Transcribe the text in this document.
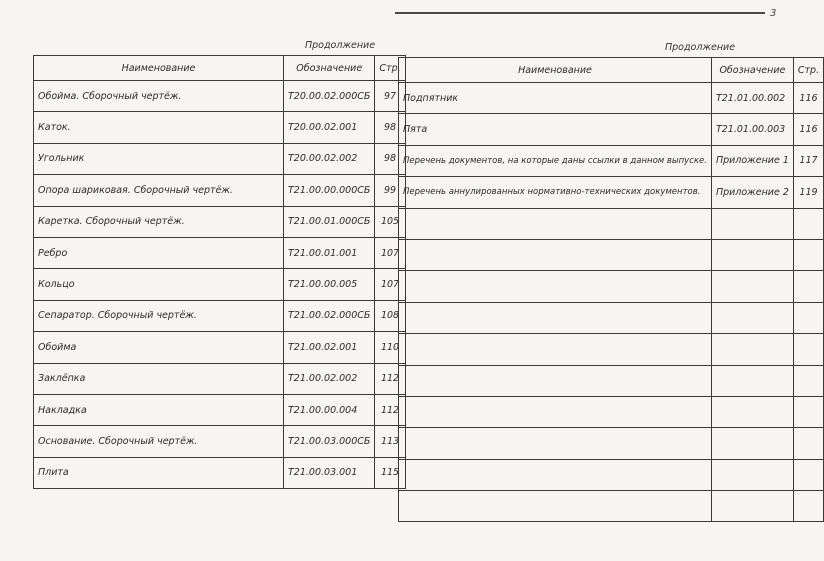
3
Продолжение	Продолжение
Наименование	Обозначение	Стр.
Обойма. Сборочный чертёж.	Т20.00.02.000СБ	97
Каток.	Т20.00.02.001	98
Угольник	Т20.00.02.002	98
Опора шариковая. Сборочный чертёж.	Т21.00.00.000СБ	99
Каретка. Сборочный чертёж.	Т21.00.01.000СБ	105
Ребро	Т21.00.01.001	107
Кольцо	Т21.00.00.005	107
Сепаратор. Сборочный чертёж.	Т21.00.02.000СБ	108
Обойма	Т21.00.02.001	110
Заклёпка	Т21.00.02.002	112
Накладка	Т21.00.00.004	112
Основание. Сборочный чертёж.	Т21.00.03.000СБ	113
Плита	Т21.00.03.001	115
Наименование	Обозначение	Стр.
Подпятник	Т21.01.00.002	116
Пята	Т21.01.00.003	116
Перечень документов, на которые даны ссылки в данном выпуске.	Приложение 1	117
Перечень аннулированных нормативно-технических документов.	Приложение 2	119
